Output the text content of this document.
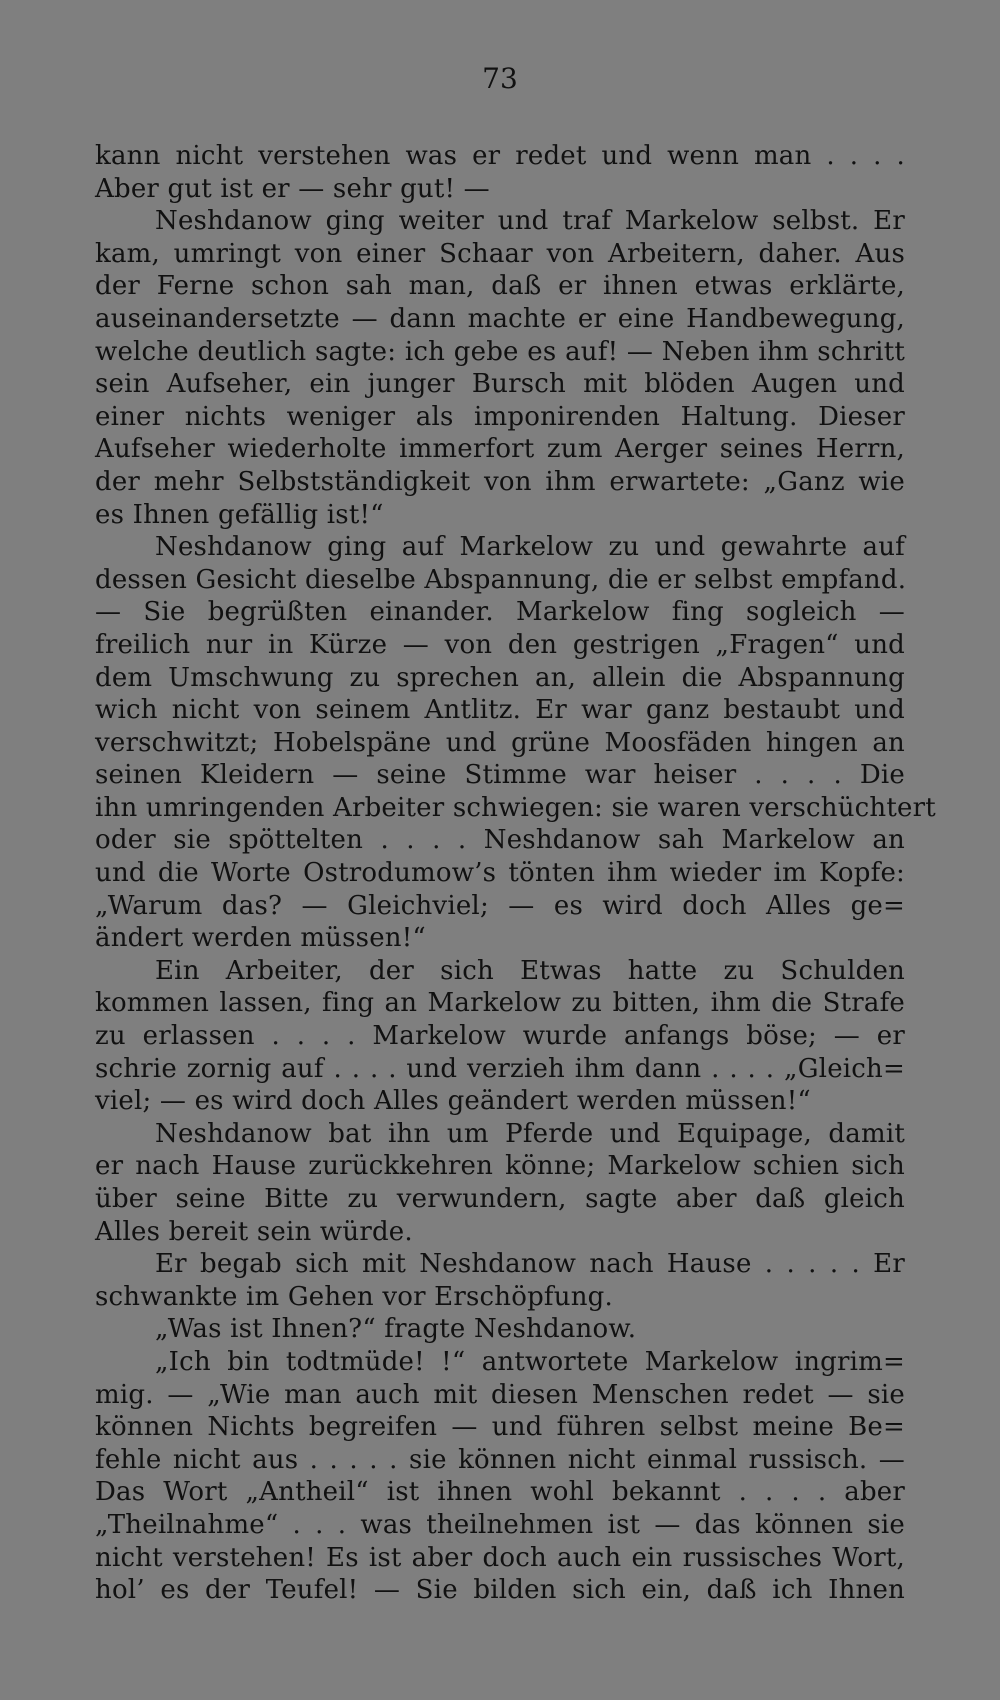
73
kann nicht verstehen was er redet und wenn man . . . .
Aber gut ist er — sehr gut! —
Neshdanow ging weiter und traf Markelow selbst. Er
kam, umringt von einer Schaar von Arbeitern, daher. Aus
der Ferne schon sah man, daß er ihnen etwas erklärte,
auseinandersetzte — dann machte er eine Handbewegung,
welche deutlich sagte: ich gebe es auf! — Neben ihm schritt
sein Aufseher, ein junger Bursch mit blöden Augen und
einer nichts weniger als imponirenden Haltung. Dieser
Aufseher wiederholte immerfort zum Aerger seines Herrn,
der mehr Selbstständigkeit von ihm erwartete: „Ganz wie
es Ihnen gefällig ist!“
Neshdanow ging auf Markelow zu und gewahrte auf
dessen Gesicht dieselbe Abspannung, die er selbst empfand.
— Sie begrüßten einander. Markelow fing sogleich —
freilich nur in Kürze — von den gestrigen „Fragen“ und
dem Umschwung zu sprechen an, allein die Abspannung
wich nicht von seinem Antlitz. Er war ganz bestaubt und
verschwitzt; Hobelspäne und grüne Moosfäden hingen an
seinen Kleidern — seine Stimme war heiser . . . . Die
ihn umringenden Arbeiter schwiegen: sie waren verschüchtert
oder sie spöttelten . . . . Neshdanow sah Markelow an
und die Worte Ostrodumow’s tönten ihm wieder im Kopfe:
„Warum das? — Gleichviel; — es wird doch Alles ge=
ändert werden müssen!“
Ein Arbeiter, der sich Etwas hatte zu Schulden
kommen lassen, fing an Markelow zu bitten, ihm die Strafe
zu erlassen . . . . Markelow wurde anfangs böse; — er
schrie zornig auf . . . . und verzieh ihm dann . . . . „Gleich=
viel; — es wird doch Alles geändert werden müssen!“
Neshdanow bat ihn um Pferde und Equipage, damit
er nach Hause zurückkehren könne; Markelow schien sich
über seine Bitte zu verwundern, sagte aber daß gleich
Alles bereit sein würde.
Er begab sich mit Neshdanow nach Hause . . . . . Er
schwankte im Gehen vor Erschöpfung.
„Was ist Ihnen?“ fragte Neshdanow.
„Ich bin todtmüde! !“ antwortete Markelow ingrim=
mig. — „Wie man auch mit diesen Menschen redet — sie
können Nichts begreifen — und führen selbst meine Be=
fehle nicht aus . . . . . sie können nicht einmal russisch. —
Das Wort „Antheil“ ist ihnen wohl bekannt . . . . aber
„Theilnahme“ . . . was theilnehmen ist — das können sie
nicht verstehen! Es ist aber doch auch ein russisches Wort,
hol’ es der Teufel! — Sie bilden sich ein, daß ich Ihnen
